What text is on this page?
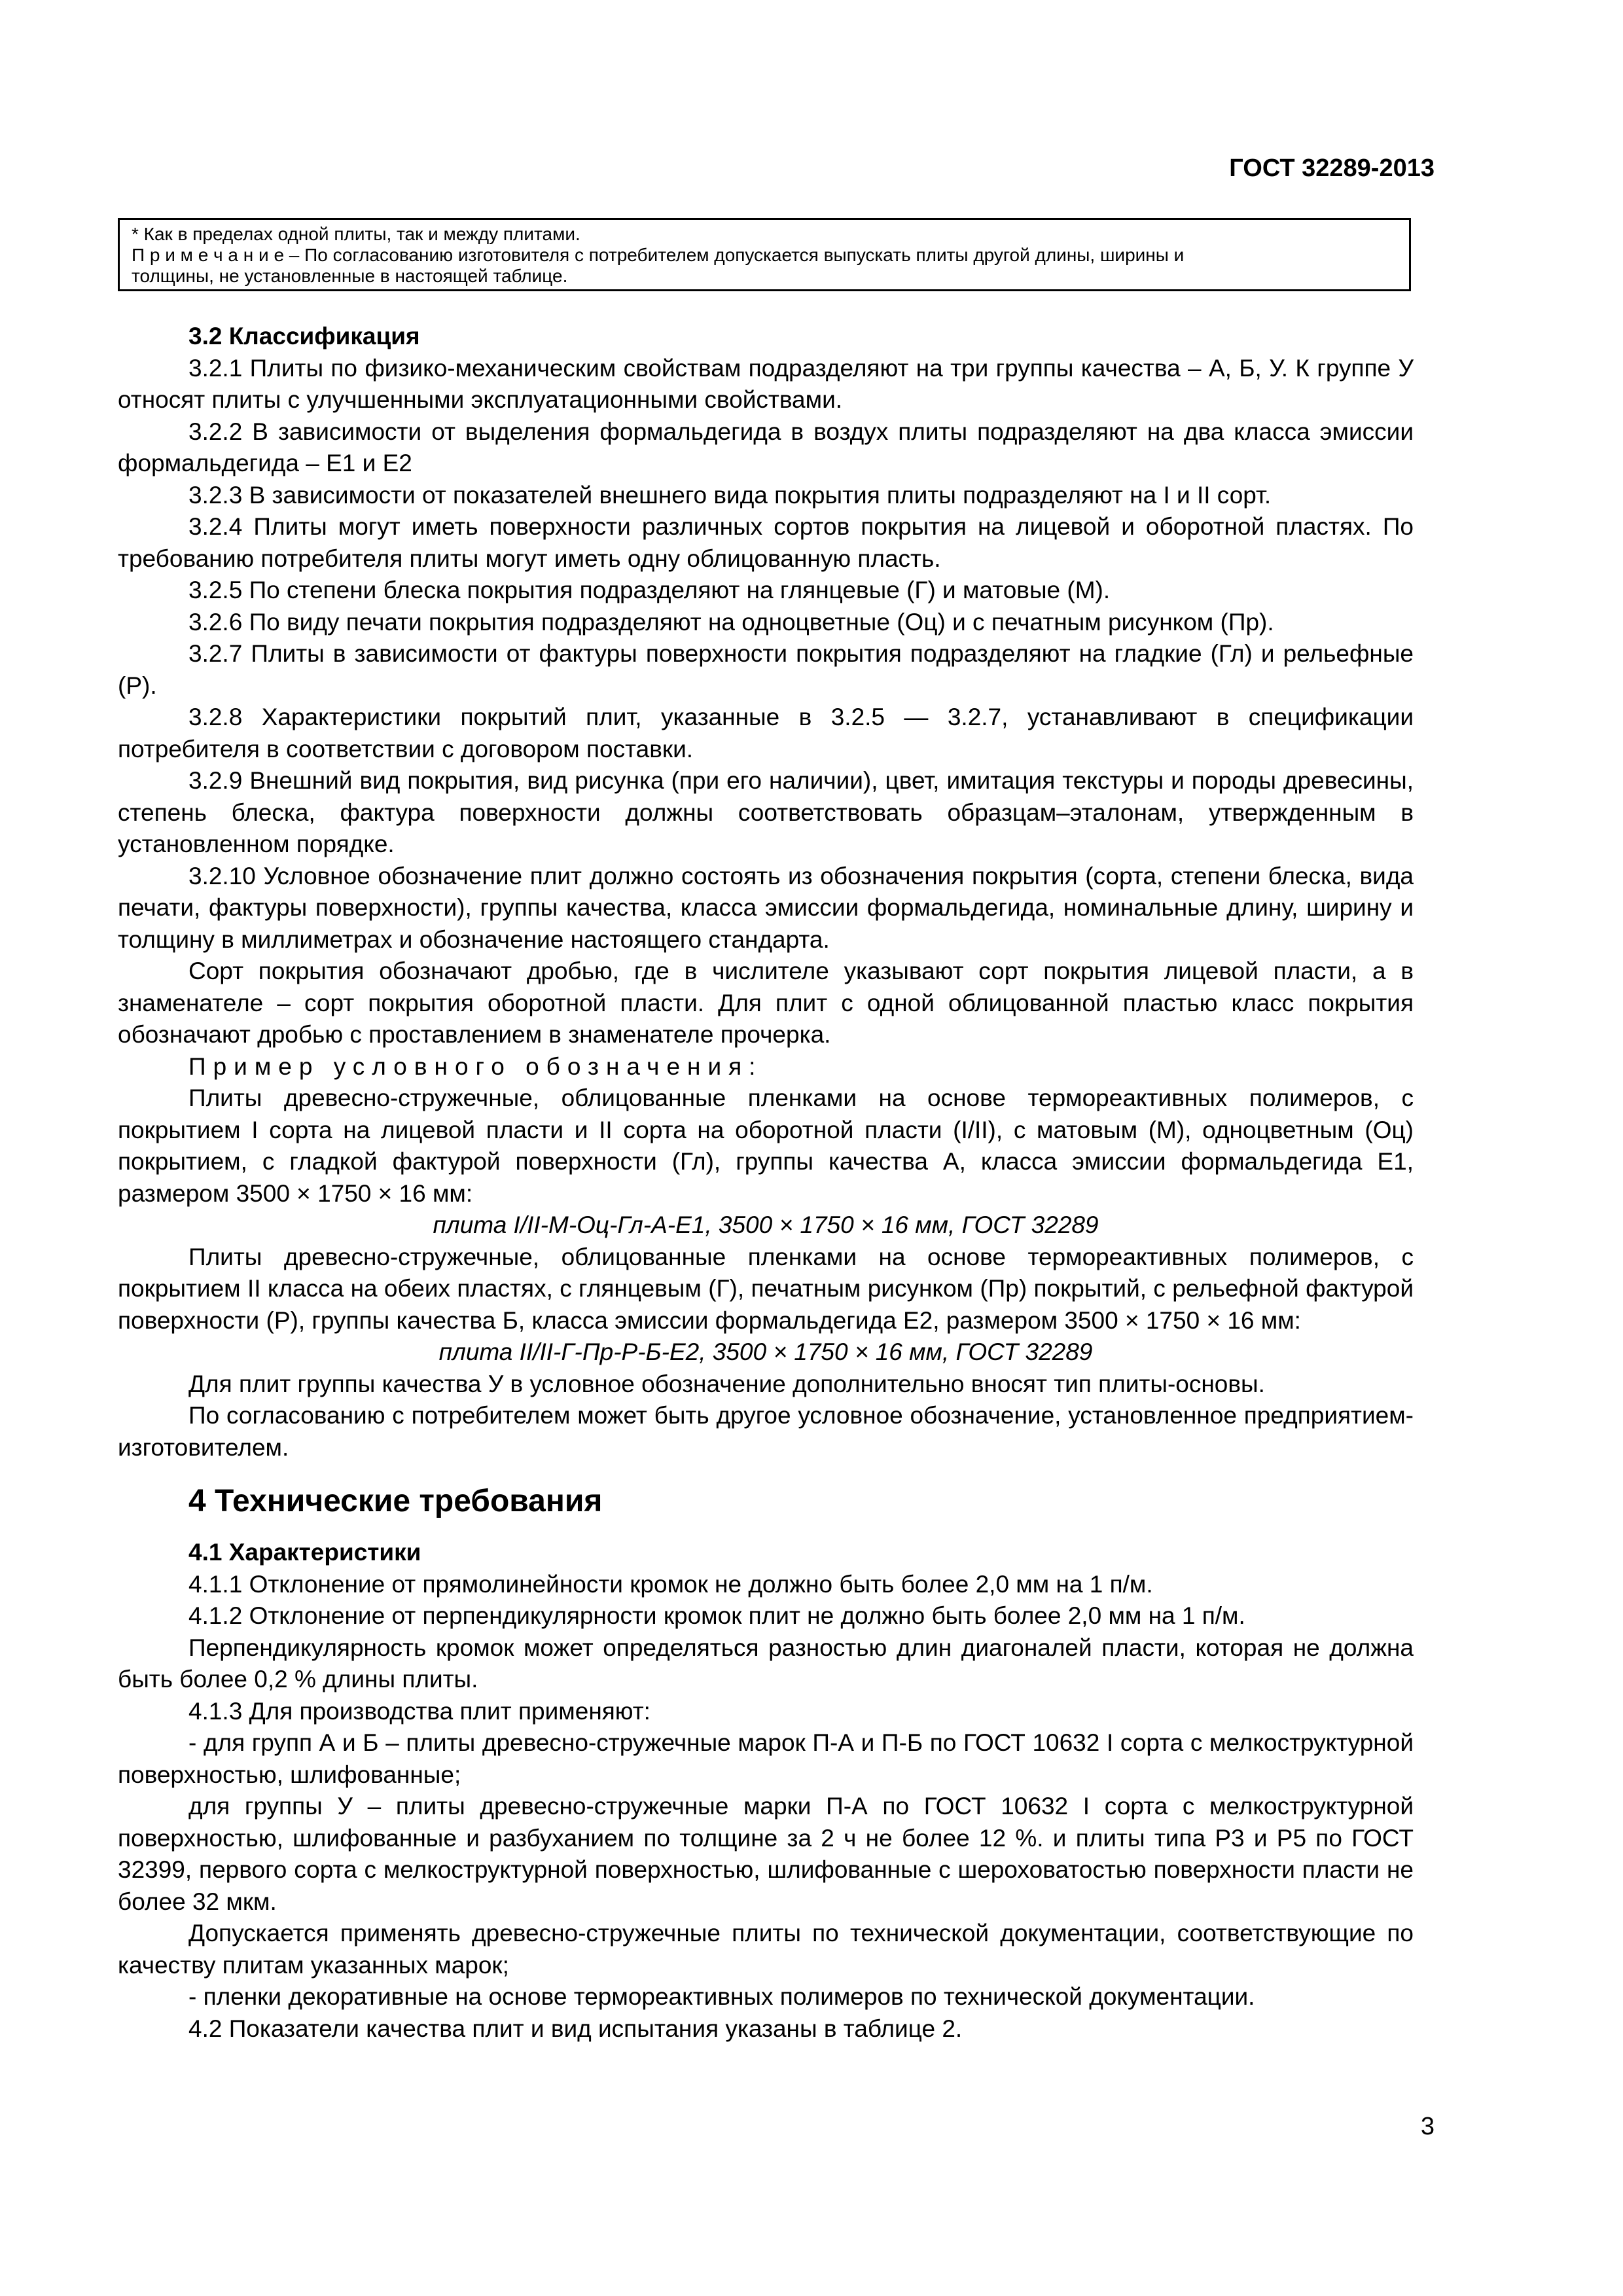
ГОСТ 32289-2013
* Как в пределах одной плиты, так и между плитами.
П р и м е ч а н и е – По согласованию изготовителя с потребителем допускается выпускать плиты другой длины, ширины и
толщины, не установленные в настоящей таблице.

3.2 Классификация

3.2.1 Плиты по физико-механическим свойствам подразделяют на три группы качества – А, Б, У. К группе У относят плиты с улучшенными эксплуатационными свойствами.

3.2.2 В зависимости от выделения формальдегида в воздух плиты подразделяют на два класса эмиссии формальдегида – Е1 и Е2

3.2.3 В зависимости от показателей внешнего вида покрытия плиты подразделяют на I и II сорт.

3.2.4 Плиты могут иметь поверхности различных сортов покрытия на лицевой и оборотной пластях. По требованию потребителя плиты могут иметь одну облицованную пласть.

3.2.5 По степени блеска покрытия подразделяют на глянцевые (Г) и матовые (М).

3.2.6 По виду печати покрытия подразделяют на одноцветные (Оц) и с печатным рисунком (Пр).

3.2.7 Плиты в зависимости от фактуры поверхности покрытия подразделяют на гладкие (Гл) и рельефные (Р).

3.2.8 Характеристики покрытий плит, указанные в 3.2.5 — 3.2.7, устанавливают в спецификации потребителя в соответствии с договором поставки.

3.2.9 Внешний вид покрытия, вид рисунка (при его наличии), цвет, имитация текстуры и породы древесины, степень блеска, фактура поверхности должны соответствовать образцам–эталонам, утвержденным в установленном порядке.

3.2.10 Условное обозначение плит должно состоять из обозначения покрытия (сорта, степени блеска, вида печати, фактуры поверхности), группы качества, класса эмиссии формальдегида, номинальные длину, ширину и толщину в миллиметрах и обозначение настоящего стандарта.

Сорт покрытия обозначают дробью, где в числителе указывают сорт покрытия лицевой пласти, а в знаменателе – сорт покрытия оборотной пласти. Для плит с одной облицованной пластью класс покрытия обозначают дробью с проставлением в знаменателе прочерка.

Пример условного обозначения:

Плиты древесно-стружечные, облицованные пленками на основе термореактивных полимеров, с покрытием I сорта на лицевой пласти и II сорта на оборотной пласти (I/II), с матовым (М), одноцветным (Оц) покрытием, с гладкой фактурой поверхности (Гл), группы качества А, класса эмиссии формальдегида Е1, размером 3500 × 1750 × 16 мм:

плита I/II-М-Оц-Гл-А-Е1, 3500 × 1750 × 16 мм, ГОСТ 32289

Плиты древесно-стружечные, облицованные пленками на основе термореактивных полимеров, с покрытием II класса на обеих пластях, с глянцевым (Г), печатным рисунком (Пр) покрытий, с рельефной фактурой поверхности (Р), группы качества Б, класса эмиссии формальдегида Е2, размером 3500 × 1750 × 16 мм:

плита II/II-Г-Пр-Р-Б-Е2, 3500 × 1750 × 16 мм, ГОСТ 32289

Для плит группы качества У в условное обозначение дополнительно вносят тип плиты-основы.

По согласованию с потребителем может быть другое условное обозначение, установленное предприятием-изготовителем.

4 Технические требования

4.1 Характеристики

4.1.1 Отклонение от прямолинейности кромок не должно быть более 2,0 мм на 1 п/м.

4.1.2 Отклонение от перпендикулярности кромок плит не должно быть более 2,0 мм на 1 п/м.

Перпендикулярность кромок может определяться разностью длин диагоналей пласти, которая не должна быть более 0,2 % длины плиты.

4.1.3 Для производства плит применяют:

- для групп А и Б – плиты древесно-стружечные марок П-А и П-Б по ГОСТ 10632 I сорта с мелкоструктурной поверхностью, шлифованные;

для группы У – плиты древесно-стружечные марки П-А по ГОСТ 10632 I сорта с мелкоструктурной поверхностью, шлифованные и разбуханием по толщине за 2 ч не более 12 %. и плиты типа Р3 и Р5 по ГОСТ 32399, первого сорта с мелкоструктурной поверхностью, шлифованные с шероховатостью поверхности пласти не более 32 мкм.

Допускается применять древесно-стружечные плиты по технической документации, соответствующие по качеству плитам указанных марок;

- пленки декоративные на основе термореактивных полимеров по технической документации.

4.2 Показатели качества плит и вид испытания указаны в таблице 2.

3
